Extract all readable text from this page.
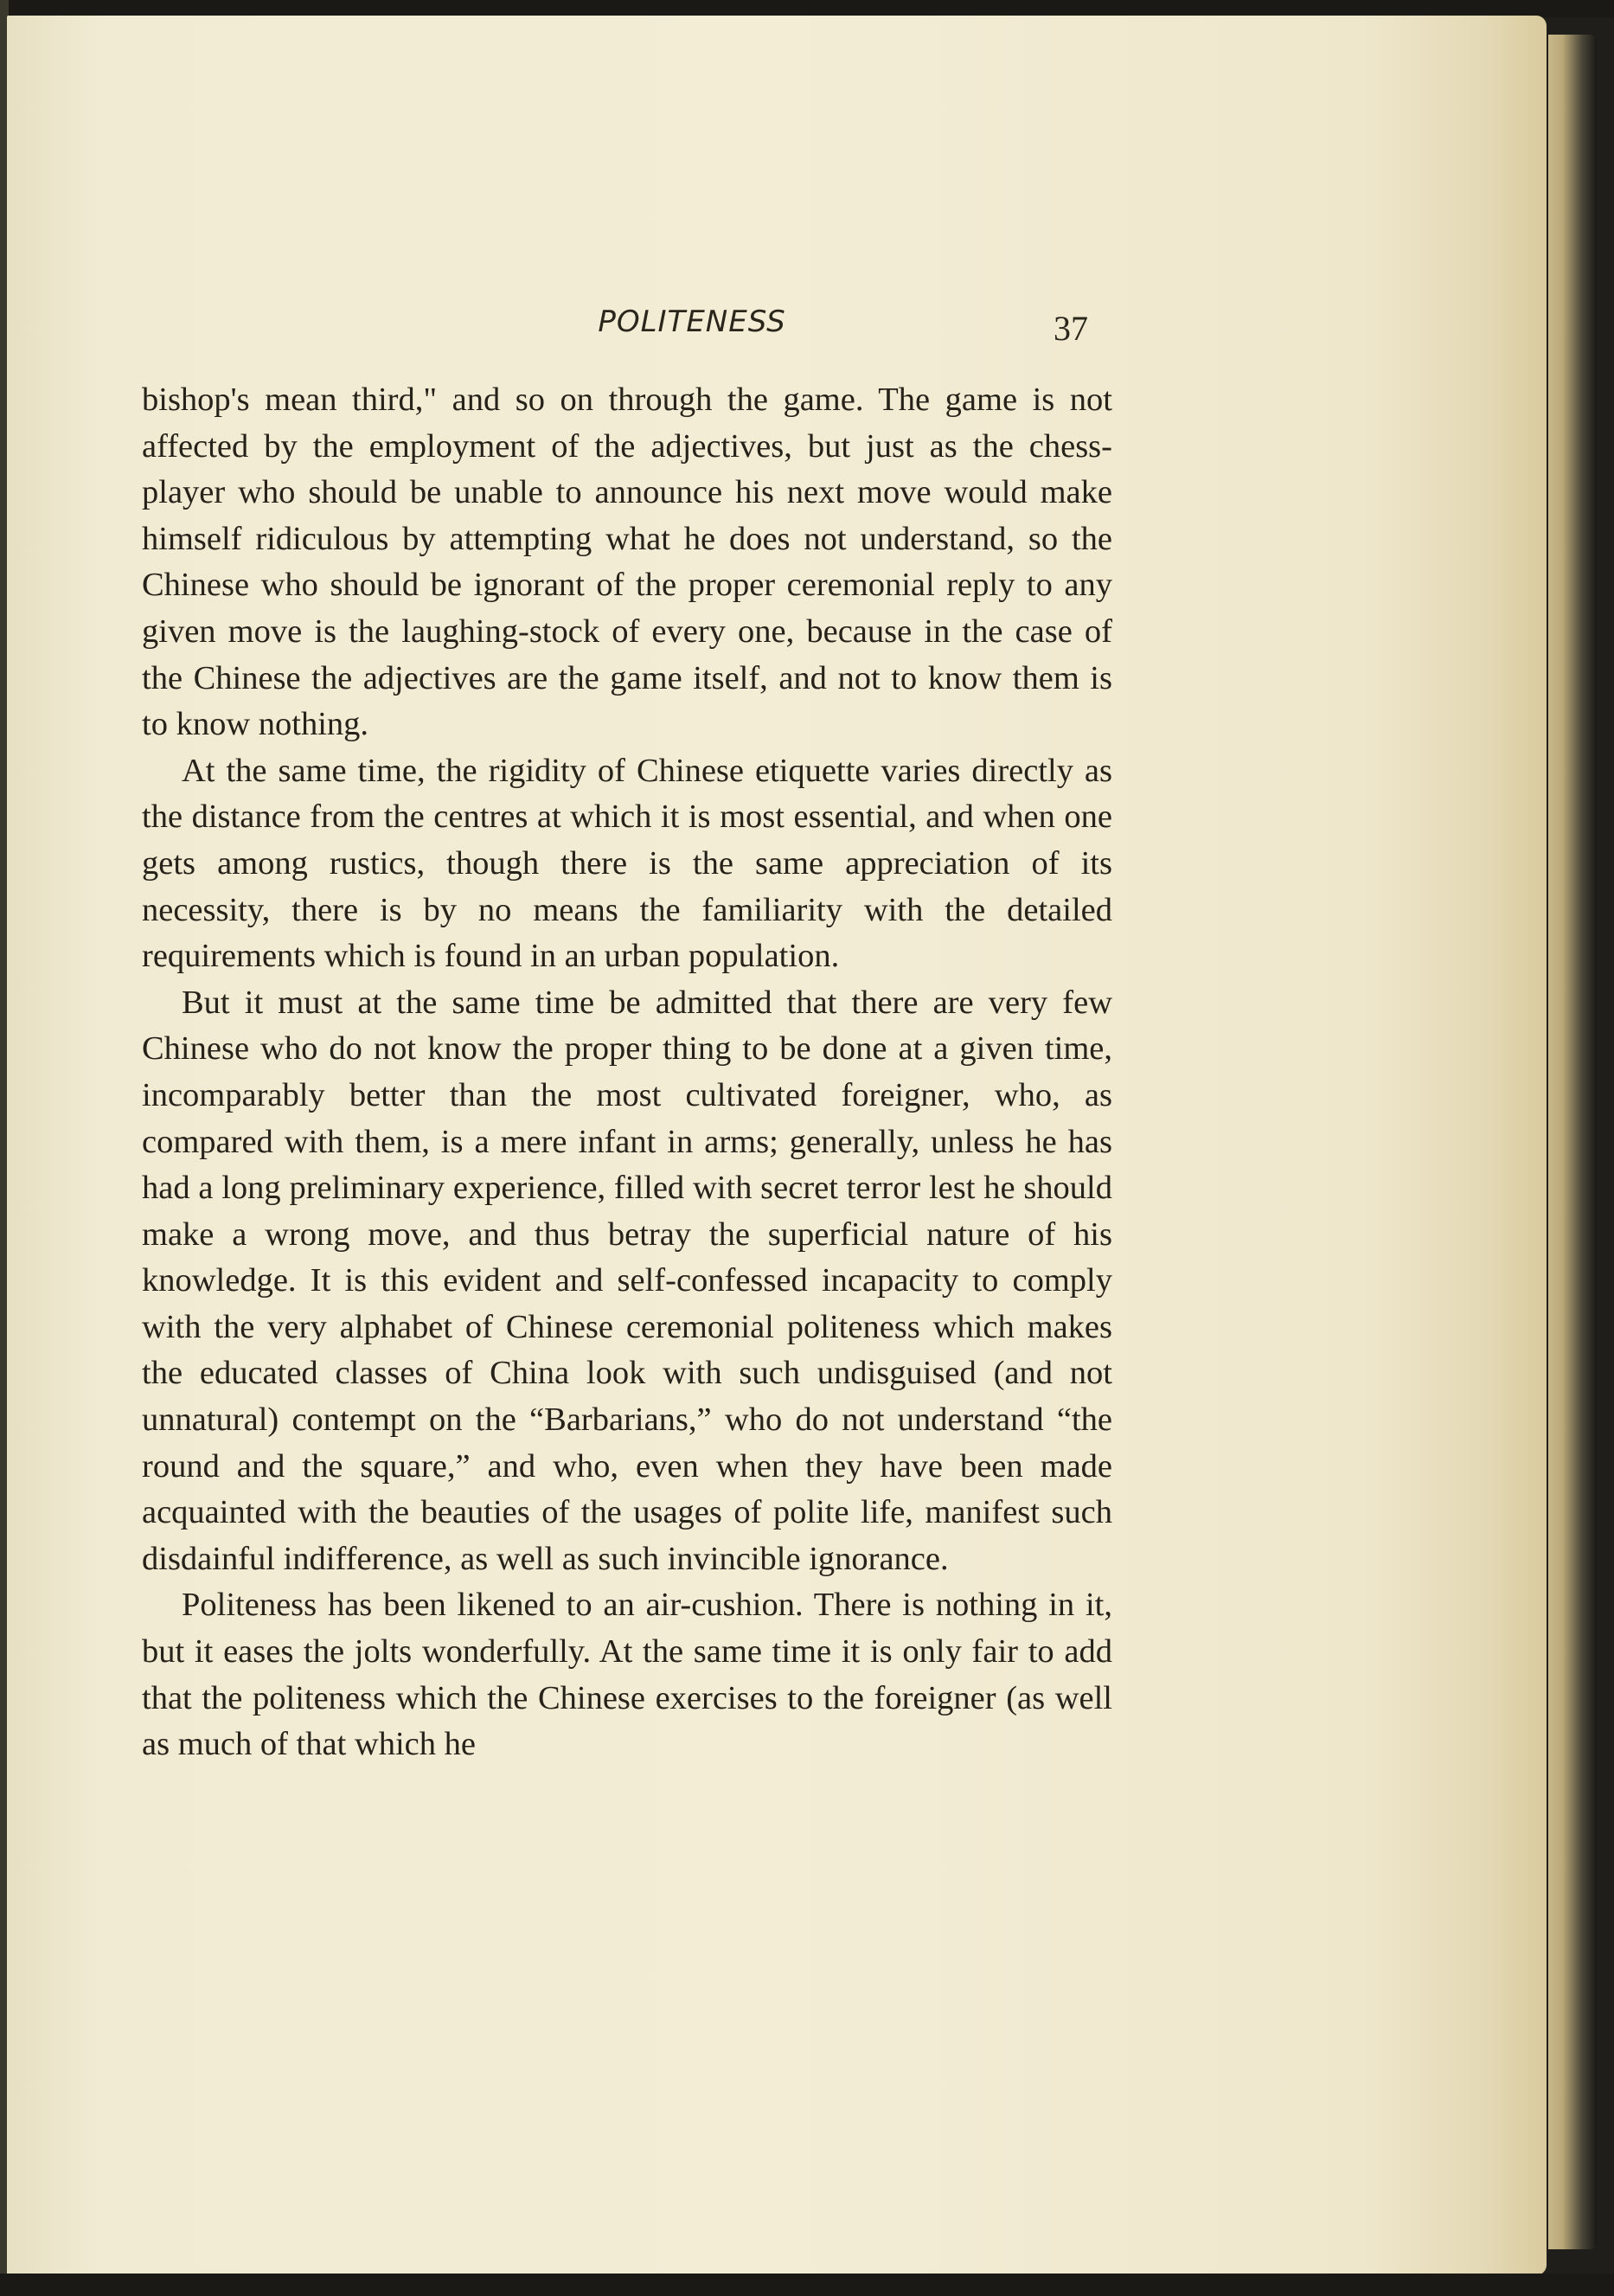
POLITENESS	37

bishop's mean third," and so on through the game. The game is not affected by the employment of the adjectives, but just as the chess-player who should be unable to announce his next move would make himself ridiculous by attempting what he does not understand, so the Chinese who should be ignorant of the proper ceremonial reply to any given move is the laughing-stock of every one, because in the case of the Chinese the adjectives are the game itself, and not to know them is to know nothing.

At the same time, the rigidity of Chinese etiquette varies directly as the distance from the centres at which it is most essential, and when one gets among rustics, though there is the same appreciation of its necessity, there is by no means the familiarity with the detailed requirements which is found in an urban population.

But it must at the same time be admitted that there are very few Chinese who do not know the proper thing to be done at a given time, incomparably better than the most cultivated foreigner, who, as compared with them, is a mere infant in arms; generally, unless he has had a long preliminary experience, filled with secret terror lest he should make a wrong move, and thus betray the superficial nature of his knowledge. It is this evident and self-confessed incapacity to comply with the very alphabet of Chinese ceremonial politeness which makes the educated classes of China look with such undisguised (and not unnatural) contempt on the “Barbarians,” who do not understand “the round and the square,” and who, even when they have been made acquainted with the beauties of the usages of polite life, manifest such disdainful indifference, as well as such invincible ignorance.

Politeness has been likened to an air-cushion. There is nothing in it, but it eases the jolts wonderfully. At the same time it is only fair to add that the politeness which the Chinese exercises to the foreigner (as well as much of that which he
